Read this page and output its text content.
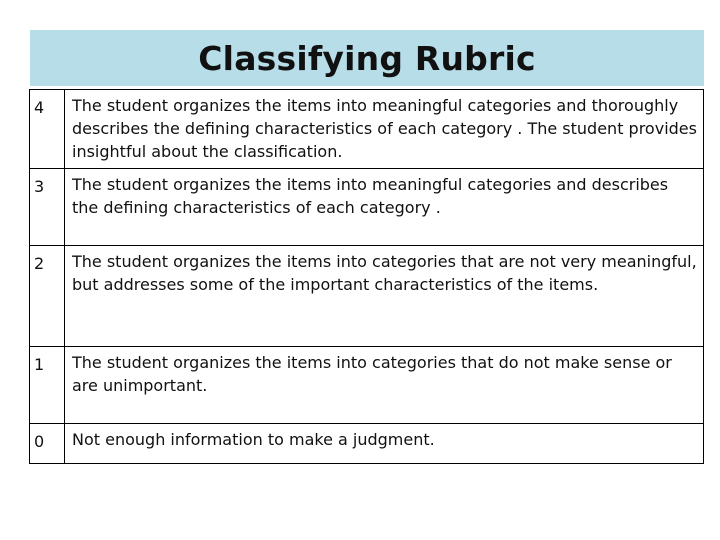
Classifying Rubric
4	The student organizes the items into meaningful categories and thoroughly describes the defining characteristics of each category . The student provides insightful about the classification.
3	The student organizes the items into meaningful categories and describes the defining characteristics of each category .
2	The student organizes the items into categories that are not very meaningful, but addresses some of the important characteristics of the items.
1	The student organizes the items into categories that do not make sense or are unimportant.
0	Not enough information to make a judgment.
